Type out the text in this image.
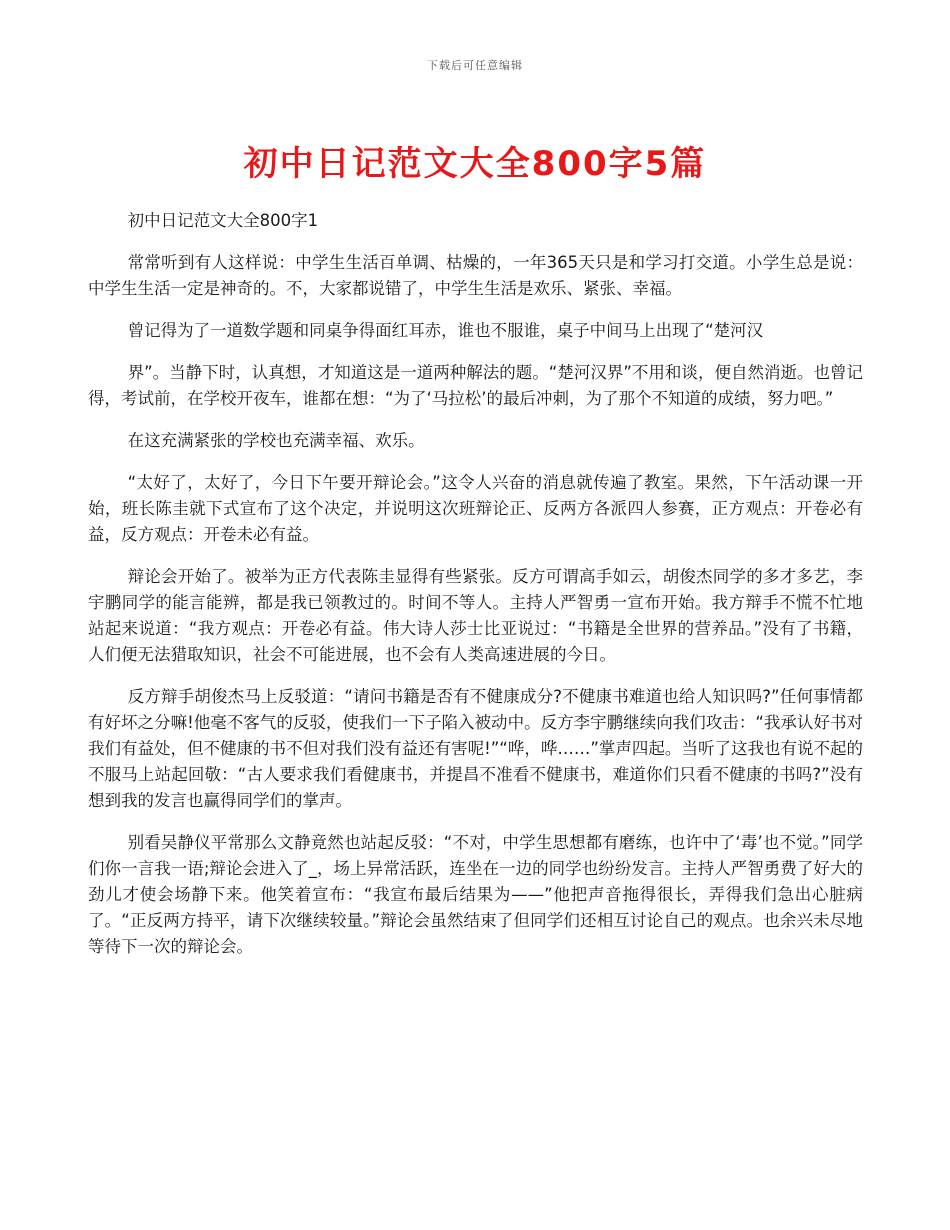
下载后可任意编辑
初中日记范文大全800字5篇

初中日记范文大全800字1

常常听到有人这样说：中学生生活百单调、枯燥的，一年365天只是和学习打交道。小学生总是说：中学生生活一定是神奇的。不，大家都说错了，中学生生活是欢乐、紧张、幸福。

曾记得为了一道数学题和同桌争得面红耳赤，谁也不服谁，桌子中间马上出现了“楚河汉

界”。当静下时，认真想，才知道这是一道两种解法的题。“楚河汉界”不用和谈，便自然消逝。也曾记得，考试前，在学校开夜车，谁都在想：“为了‘马拉松’的最后冲刺，为了那个不知道的成绩，努力吧。”

在这充满紧张的学校也充满幸福、欢乐。

“太好了，太好了，今日下午要开辩论会。”这令人兴奋的消息就传遍了教室。果然，下午活动课一开始，班长陈圭就下式宣布了这个决定，并说明这次班辩论正、反两方各派四人参赛，正方观点：开卷必有益，反方观点：开卷未必有益。

辩论会开始了。被举为正方代表陈圭显得有些紧张。反方可谓高手如云，胡俊杰同学的多才多艺，李宇鹏同学的能言能辨，都是我已领教过的。时间不等人。主持人严智勇一宣布开始。我方辩手不慌不忙地站起来说道：“我方观点：开卷必有益。伟大诗人莎士比亚说过：“书籍是全世界的营养品。”没有了书籍，人们便无法猎取知识，社会不可能进展，也不会有人类高速进展的今日。

反方辩手胡俊杰马上反驳道：“请问书籍是否有不健康成分?不健康书难道也给人知识吗?”任何事情都有好坏之分嘛!他毫不客气的反驳，使我们一下子陷入被动中。反方李宇鹏继续向我们攻击：“我承认好书对我们有益处，但不健康的书不但对我们没有益还有害呢!”“哗，哗……”掌声四起。当听了这我也有说不起的不服马上站起回敬：“古人要求我们看健康书，并提昌不准看不健康书，难道你们只看不健康的书吗?”没有想到我的发言也赢得同学们的掌声。

别看吴静仪平常那么文静竟然也站起反驳：“不对，中学生思想都有磨练，也许中了‘毒’也不觉。”同学们你一言我一语;辩论会进入了_，场上异常活跃，连坐在一边的同学也纷纷发言。主持人严智勇费了好大的劲儿才使会场静下来。他笑着宣布：“我宣布最后结果为——”他把声音拖得很长，弄得我们急出心脏病了。“正反两方持平，请下次继续较量。”辩论会虽然结束了但同学们还相互讨论自己的观点。也余兴未尽地等待下一次的辩论会。
